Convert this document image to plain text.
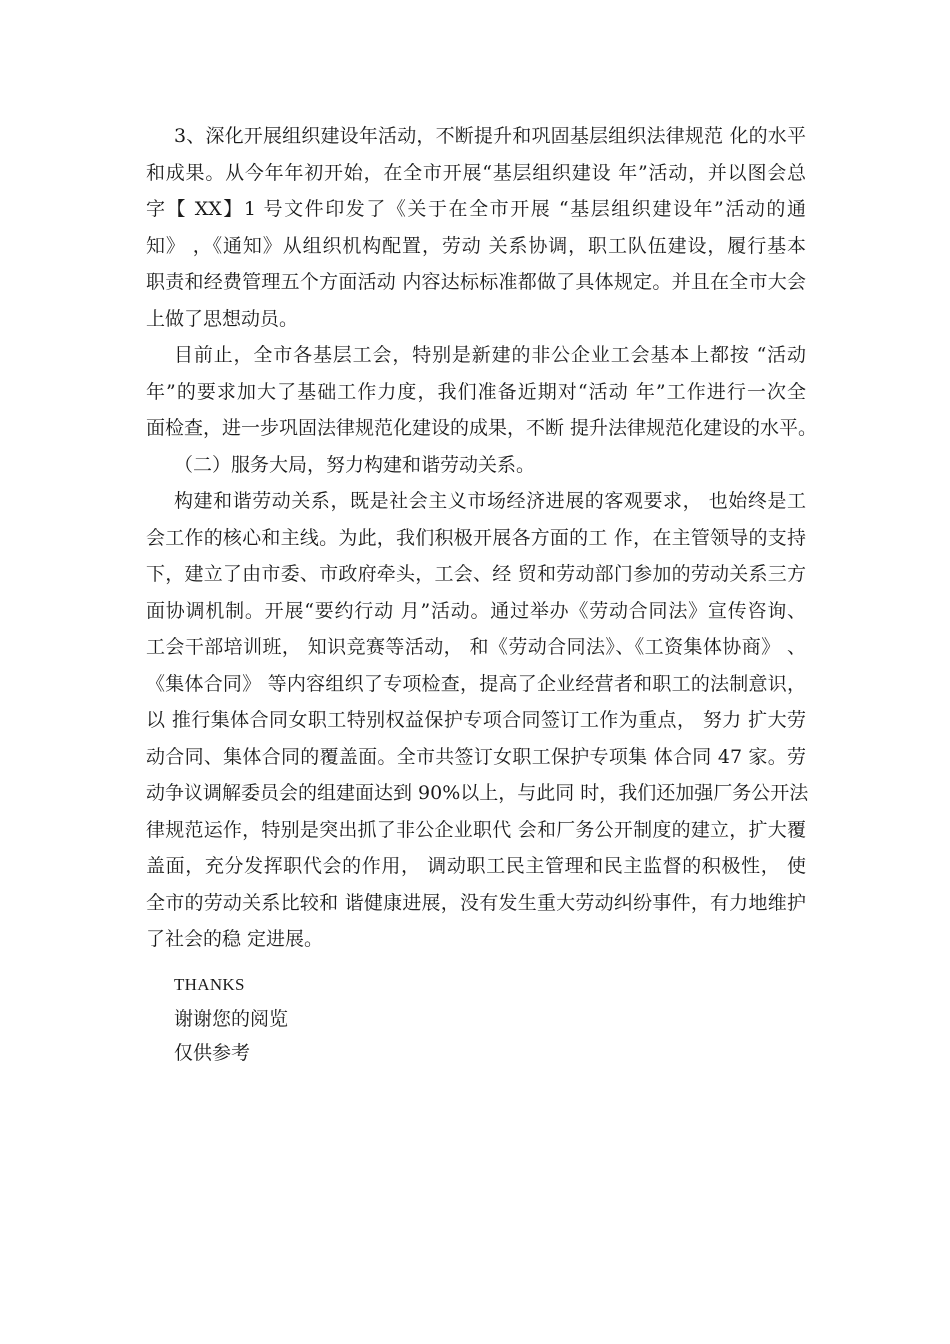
3、深化开展组织建设年活动，不断提升和巩固基层组织法律规范 化的水平
和成果。从今年年初开始，在全市开展“基层组织建设 年”活动，并以图会总
字【 XX】1 号文件印发了《关于在全市开展 “基层组织建设年”活动的通
知》 ，《通知》从组织机构配置，劳动 关系协调，职工队伍建设，履行基本
职责和经费管理五个方面活动 内容达标标准都做了具体规定。并且在全市大会
上做了思想动员。
目前止，全市各基层工会，特别是新建的非公企业工会基本上都按 “活动
年”的要求加大了基础工作力度，我们准备近期对“活动 年”工作进行一次全
面检查，进一步巩固法律规范化建设的成果，不断 提升法律规范化建设的水平。
（二）服务大局，努力构建和谐劳动关系。
构建和谐劳动关系，既是社会主义市场经济进展的客观要求， 也始终是工
会工作的核心和主线。为此，我们积极开展各方面的工 作，在主管领导的支持
下，建立了由市委、市政府牵头，工会、经 贸和劳动部门参加的劳动关系三方
面协调机制。开展“要约行动 月”活动。通过举办《劳动合同法》宣传咨询、
工会干部培训班， 知识竞赛等活动， 和《劳动合同法》、《工资集体协商》 、
《集体合同》 等内容组织了专项检查，提高了企业经营者和职工的法制意识，
以 推行集体合同女职工特别权益保护专项合同签订工作为重点， 努力 扩大劳
动合同、集体合同的覆盖面。全市共签订女职工保护专项集 体合同 47 家。劳
动争议调解委员会的组建面达到 90%以上，与此同 时，我们还加强厂务公开法
律规范运作，特别是突出抓了非公企业职代 会和厂务公开制度的建立，扩大覆
盖面，充分发挥职代会的作用， 调动职工民主管理和民主监督的积极性， 使
全市的劳动关系比较和 谐健康进展，没有发生重大劳动纠纷事件，有力地维护
了社会的稳 定进展。
THANKS
谢谢您的阅览
仅供参考
